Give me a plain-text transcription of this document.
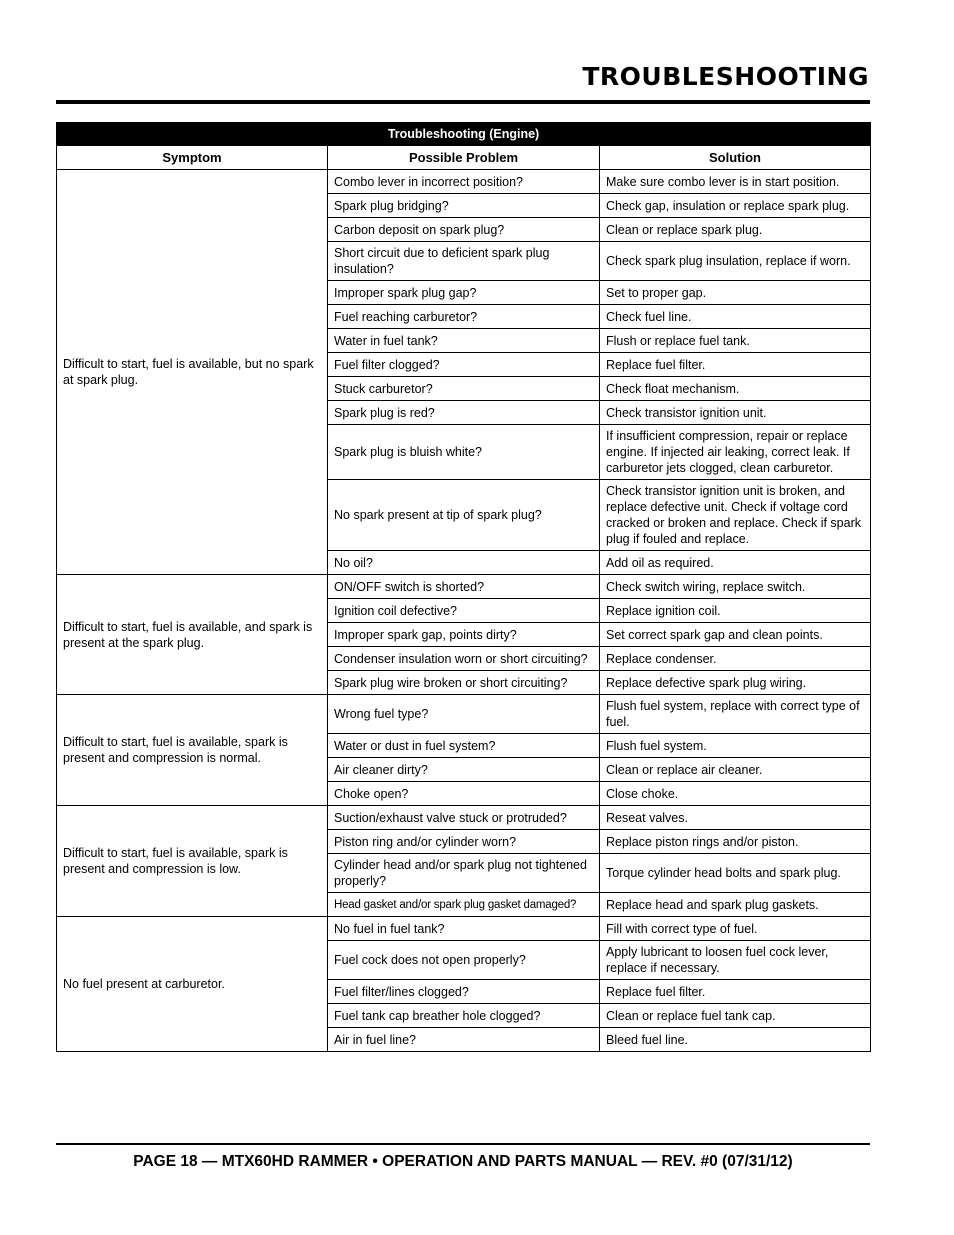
TROUBLESHOOTING
Troubleshooting (Engine)		
Symptom	Possible Problem	Solution
Difficult to start, fuel is available, but no spark at spark plug.	Combo lever in incorrect position?	Make sure combo lever is in start position.
	Spark plug bridging?	Check gap, insulation or replace spark plug.
	Carbon deposit on spark plug?	Clean or replace spark plug.
	Short circuit due to deficient spark plug insulation?	Check spark plug insulation, replace if worn.
	Improper spark plug gap?	Set to proper gap.
	Fuel reaching carburetor?	Check fuel line.
	Water in fuel tank?	Flush or replace fuel tank.
	Fuel filter clogged?	Replace fuel filter.
	Stuck carburetor?	Check float mechanism.
	Spark plug is red?	Check transistor ignition unit.
	Spark plug is bluish white?	If insufficient compression, repair or replace engine. If injected air leaking, correct leak. If carburetor jets clogged, clean carburetor.
	No spark present at tip of spark plug?	Check transistor ignition unit is broken, and replace defective unit. Check if voltage cord cracked or broken and replace. Check if spark plug if fouled and replace.
	No oil?	Add oil as required.
Difficult to start, fuel is available, and spark is present at the spark plug.	ON/OFF switch is shorted?	Check switch wiring, replace switch.
	Ignition coil defective?	Replace ignition coil.
	Improper spark gap, points dirty?	Set correct spark gap and clean points.
	Condenser insulation worn or short circuiting?	Replace condenser.
	Spark plug wire broken or short circuiting?	Replace defective spark plug wiring.
Difficult to start, fuel is available, spark is present and compression is normal.	Wrong fuel type?	Flush fuel system, replace with correct type of fuel.
	Water or dust in fuel system?	Flush fuel system.
	Air cleaner dirty?	Clean or replace air cleaner.
	Choke open?	Close choke.
Difficult to start, fuel is available, spark is present and compression is low.	Suction/exhaust valve stuck or protruded?	Reseat valves.
	Piston ring and/or cylinder worn?	Replace piston rings and/or piston.
	Cylinder head and/or spark plug not tightened properly?	Torque cylinder head bolts and spark plug.
	Head gasket and/or spark plug gasket damaged?	Replace head and spark plug gaskets.
No fuel present at carburetor.	No fuel in fuel tank?	Fill with correct type of fuel.
	Fuel cock does not open properly?	Apply lubricant to loosen fuel cock lever, replace if necessary.
	Fuel filter/lines clogged?	Replace fuel filter.
	Fuel tank cap breather hole clogged?	Clean or replace fuel tank cap.
	Air in fuel line?	Bleed fuel line.

PAGE 18 — MTX60HD RAMMER • OPERATION AND PARTS MANUAL — REV. #0 (07/31/12)
